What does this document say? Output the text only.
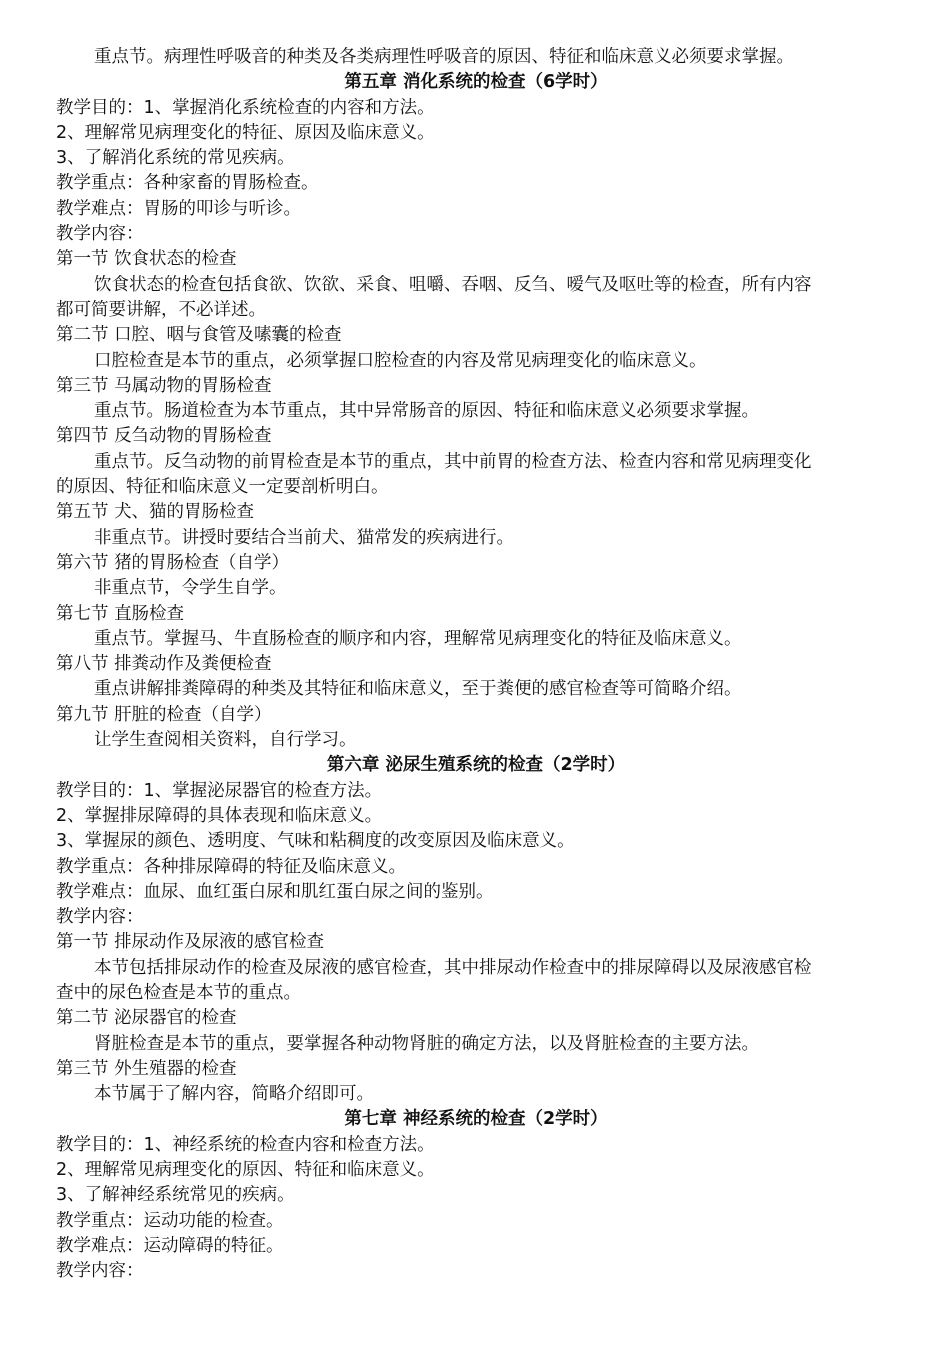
重点节。病理性呼吸音的种类及各类病理性呼吸音的原因、特征和临床意义必须要求掌握。
第五章 消化系统的检查（6学时）
教学目的：1、掌握消化系统检查的内容和方法。
2、理解常见病理变化的特征、原因及临床意义。
3、了解消化系统的常见疾病。
教学重点：各种家畜的胃肠检查。
教学难点：胃肠的叩诊与听诊。
教学内容：
第一节 饮食状态的检查
饮食状态的检查包括食欲、饮欲、采食、咀嚼、吞咽、反刍、嗳气及呕吐等的检查，所有内容
都可简要讲解，不必详述。
第二节 口腔、咽与食管及嗉囊的检查
口腔检查是本节的重点，必须掌握口腔检查的内容及常见病理变化的临床意义。
第三节 马属动物的胃肠检查
重点节。肠道检查为本节重点，其中异常肠音的原因、特征和临床意义必须要求掌握。
第四节 反刍动物的胃肠检查
重点节。反刍动物的前胃检查是本节的重点，其中前胃的检查方法、检查内容和常见病理变化
的原因、特征和临床意义一定要剖析明白。
第五节 犬、猫的胃肠检查
非重点节。讲授时要结合当前犬、猫常发的疾病进行。
第六节 猪的胃肠检查（自学）
非重点节，令学生自学。
第七节 直肠检查
重点节。掌握马、牛直肠检查的顺序和内容，理解常见病理变化的特征及临床意义。
第八节 排粪动作及粪便检查
重点讲解排粪障碍的种类及其特征和临床意义，至于粪便的感官检查等可简略介绍。
第九节 肝脏的检查（自学）
让学生查阅相关资料，自行学习。
第六章 泌尿生殖系统的检查（2学时）
教学目的：1、掌握泌尿器官的检查方法。
2、掌握排尿障碍的具体表现和临床意义。
3、掌握尿的颜色、透明度、气味和粘稠度的改变原因及临床意义。
教学重点：各种排尿障碍的特征及临床意义。
教学难点：血尿、血红蛋白尿和肌红蛋白尿之间的鉴别。
教学内容：
第一节 排尿动作及尿液的感官检查
本节包括排尿动作的检查及尿液的感官检查，其中排尿动作检查中的排尿障碍以及尿液感官检
查中的尿色检查是本节的重点。
第二节 泌尿器官的检查
肾脏检查是本节的重点，要掌握各种动物肾脏的确定方法，以及肾脏检查的主要方法。
第三节 外生殖器的检查
本节属于了解内容，简略介绍即可。
第七章 神经系统的检查（2学时）
教学目的：1、神经系统的检查内容和检查方法。
2、理解常见病理变化的原因、特征和临床意义。
3、了解神经系统常见的疾病。
教学重点：运动功能的检查。
教学难点：运动障碍的特征。
教学内容：
